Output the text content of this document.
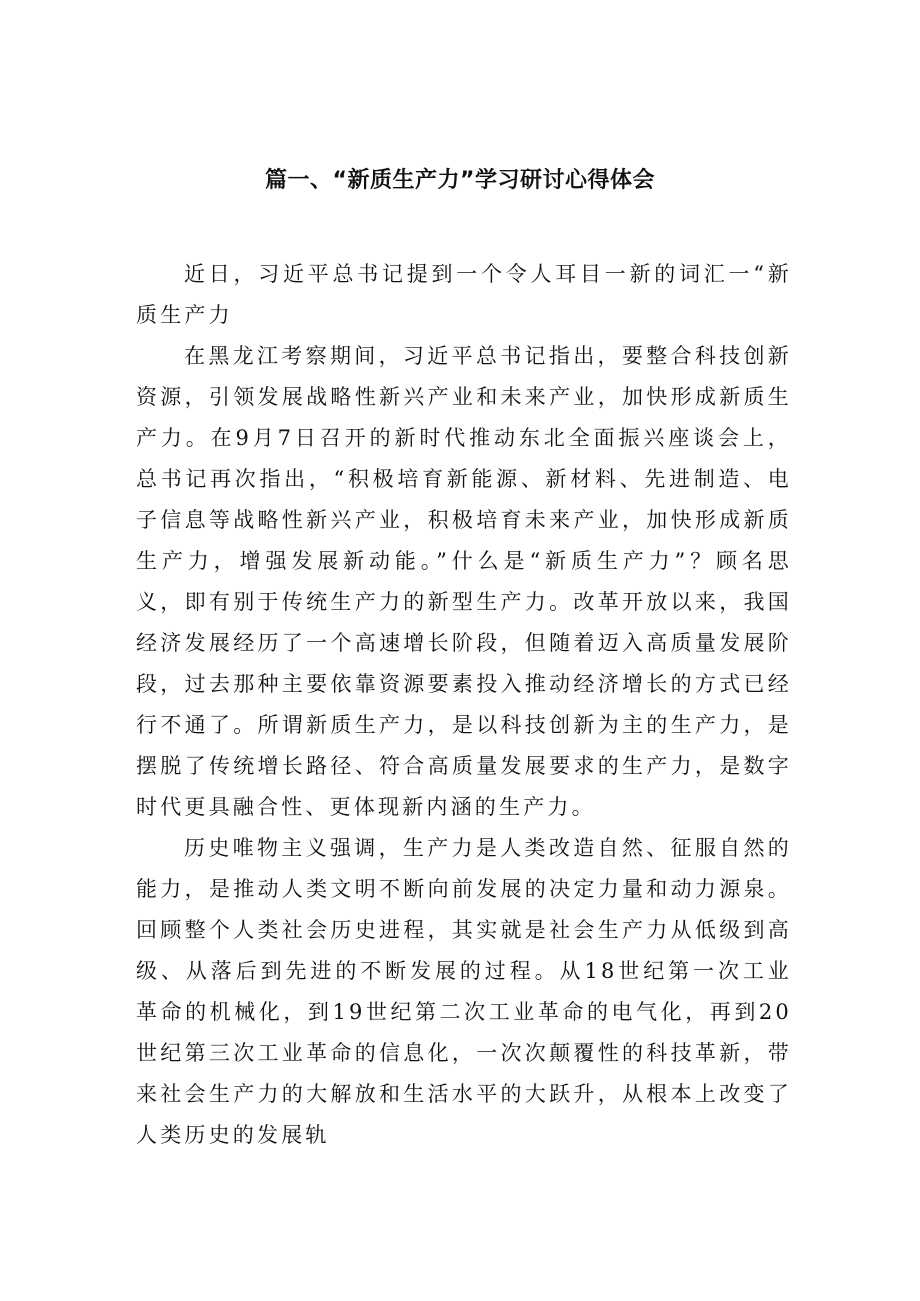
篇一、“新质生产力”学习研讨心得体会

近日，习近平总书记提到一个令人耳目一新的词汇一“新质生产力

在黑龙江考察期间，习近平总书记指出，要整合科技创新资源，引领发展战略性新兴产业和未来产业，加快形成新质生产力。在9月7日召开的新时代推动东北全面振兴座谈会上，总书记再次指出，“积极培育新能源、新材料、先进制造、电子信息等战略性新兴产业，积极培育未来产业，加快形成新质生产力，增强发展新动能。”什么是“新质生产力”？顾名思义，即有别于传统生产力的新型生产力。改革开放以来，我国经济发展经历了一个高速增长阶段，但随着迈入高质量发展阶段，过去那种主要依靠资源要素投入推动经济增长的方式已经行不通了。所谓新质生产力，是以科技创新为主的生产力，是摆脱了传统增长路径、符合高质量发展要求的生产力，是数字时代更具融合性、更体现新内涵的生产力。

历史唯物主义强调，生产力是人类改造自然、征服自然的能力，是推动人类文明不断向前发展的决定力量和动力源泉。回顾整个人类社会历史进程，其实就是社会生产力从低级到高级、从落后到先进的不断发展的过程。从18世纪第一次工业革命的机械化，到19世纪第二次工业革命的电气化，再到20世纪第三次工业革命的信息化，一次次颠覆性的科技革新，带来社会生产力的大解放和生活水平的大跃升，从根本上改变了人类历史的发展轨
